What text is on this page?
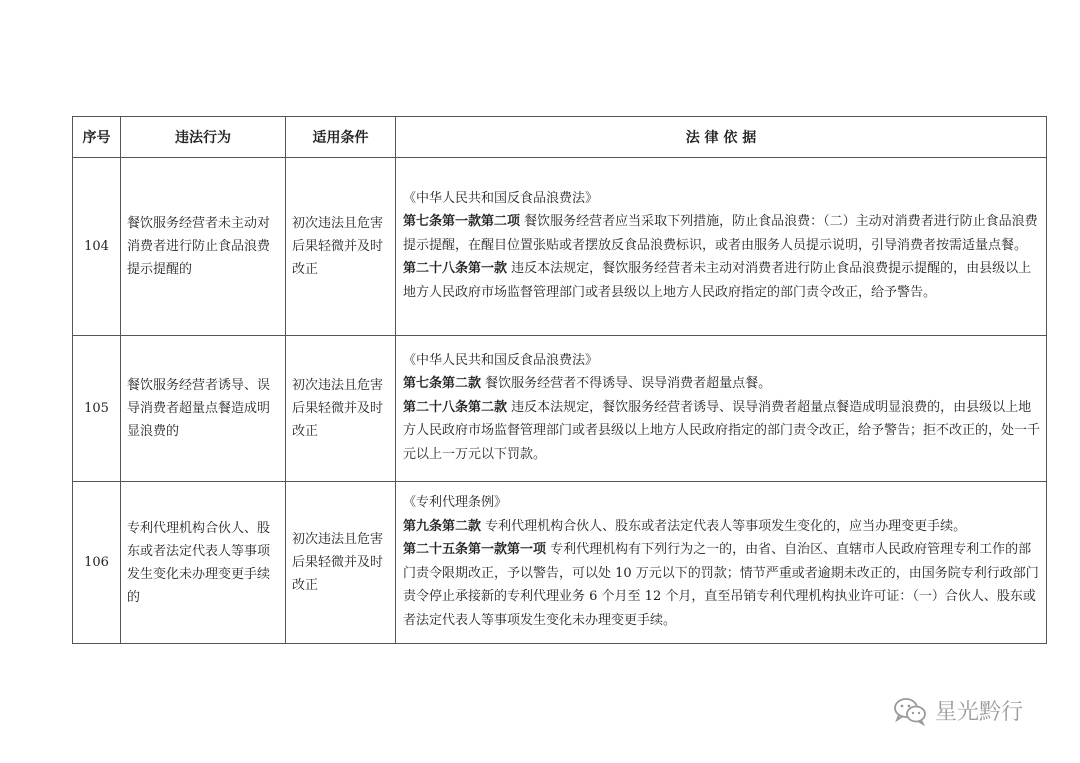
序号	违法行为	适用条件	法 律 依 据
104	餐饮服务经营者未主动对消费者进行防止食品浪费提示提醒的	初次违法且危害后果轻微并及时改正	《中华人民共和国反食品浪费法》

第七条第一款第二项 餐饮服务经营者应当采取下列措施，防止食品浪费：（二）主动对消费者进行防止食品浪费提示提醒，在醒目位置张贴或者摆放反食品浪费标识，或者由服务人员提示说明，引导消费者按需适量点餐。

第二十八条第一款 违反本法规定，餐饮服务经营者未主动对消费者进行防止食品浪费提示提醒的，由县级以上地方人民政府市场监督管理部门或者县级以上地方人民政府指定的部门责令改正，给予警告。

105	餐饮服务经营者诱导、误导消费者超量点餐造成明显浪费的	初次违法且危害后果轻微并及时改正	《中华人民共和国反食品浪费法》

第七条第二款 餐饮服务经营者不得诱导、误导消费者超量点餐。

第二十八条第二款 违反本法规定，餐饮服务经营者诱导、误导消费者超量点餐造成明显浪费的，由县级以上地方人民政府市场监督管理部门或者县级以上地方人民政府指定的部门责令改正，给予警告；拒不改正的，处一千元以上一万元以下罚款。

106	专利代理机构合伙人、股东或者法定代表人等事项发生变化未办理变更手续的	初次违法且危害后果轻微并及时改正	《专利代理条例》

第九条第二款 专利代理机构合伙人、股东或者法定代表人等事项发生变化的，应当办理变更手续。

第二十五条第一款第一项 专利代理机构有下列行为之一的，由省、自治区、直辖市人民政府管理专利工作的部门责令限期改正，予以警告，可以处 10 万元以下的罚款；情节严重或者逾期未改正的，由国务院专利行政部门责令停止承接新的专利代理业务 6 个月至 12 个月，直至吊销专利代理机构执业许可证：（一）合伙人、股东或者法定代表人等事项发生变化未办理变更手续。

星光黔行
